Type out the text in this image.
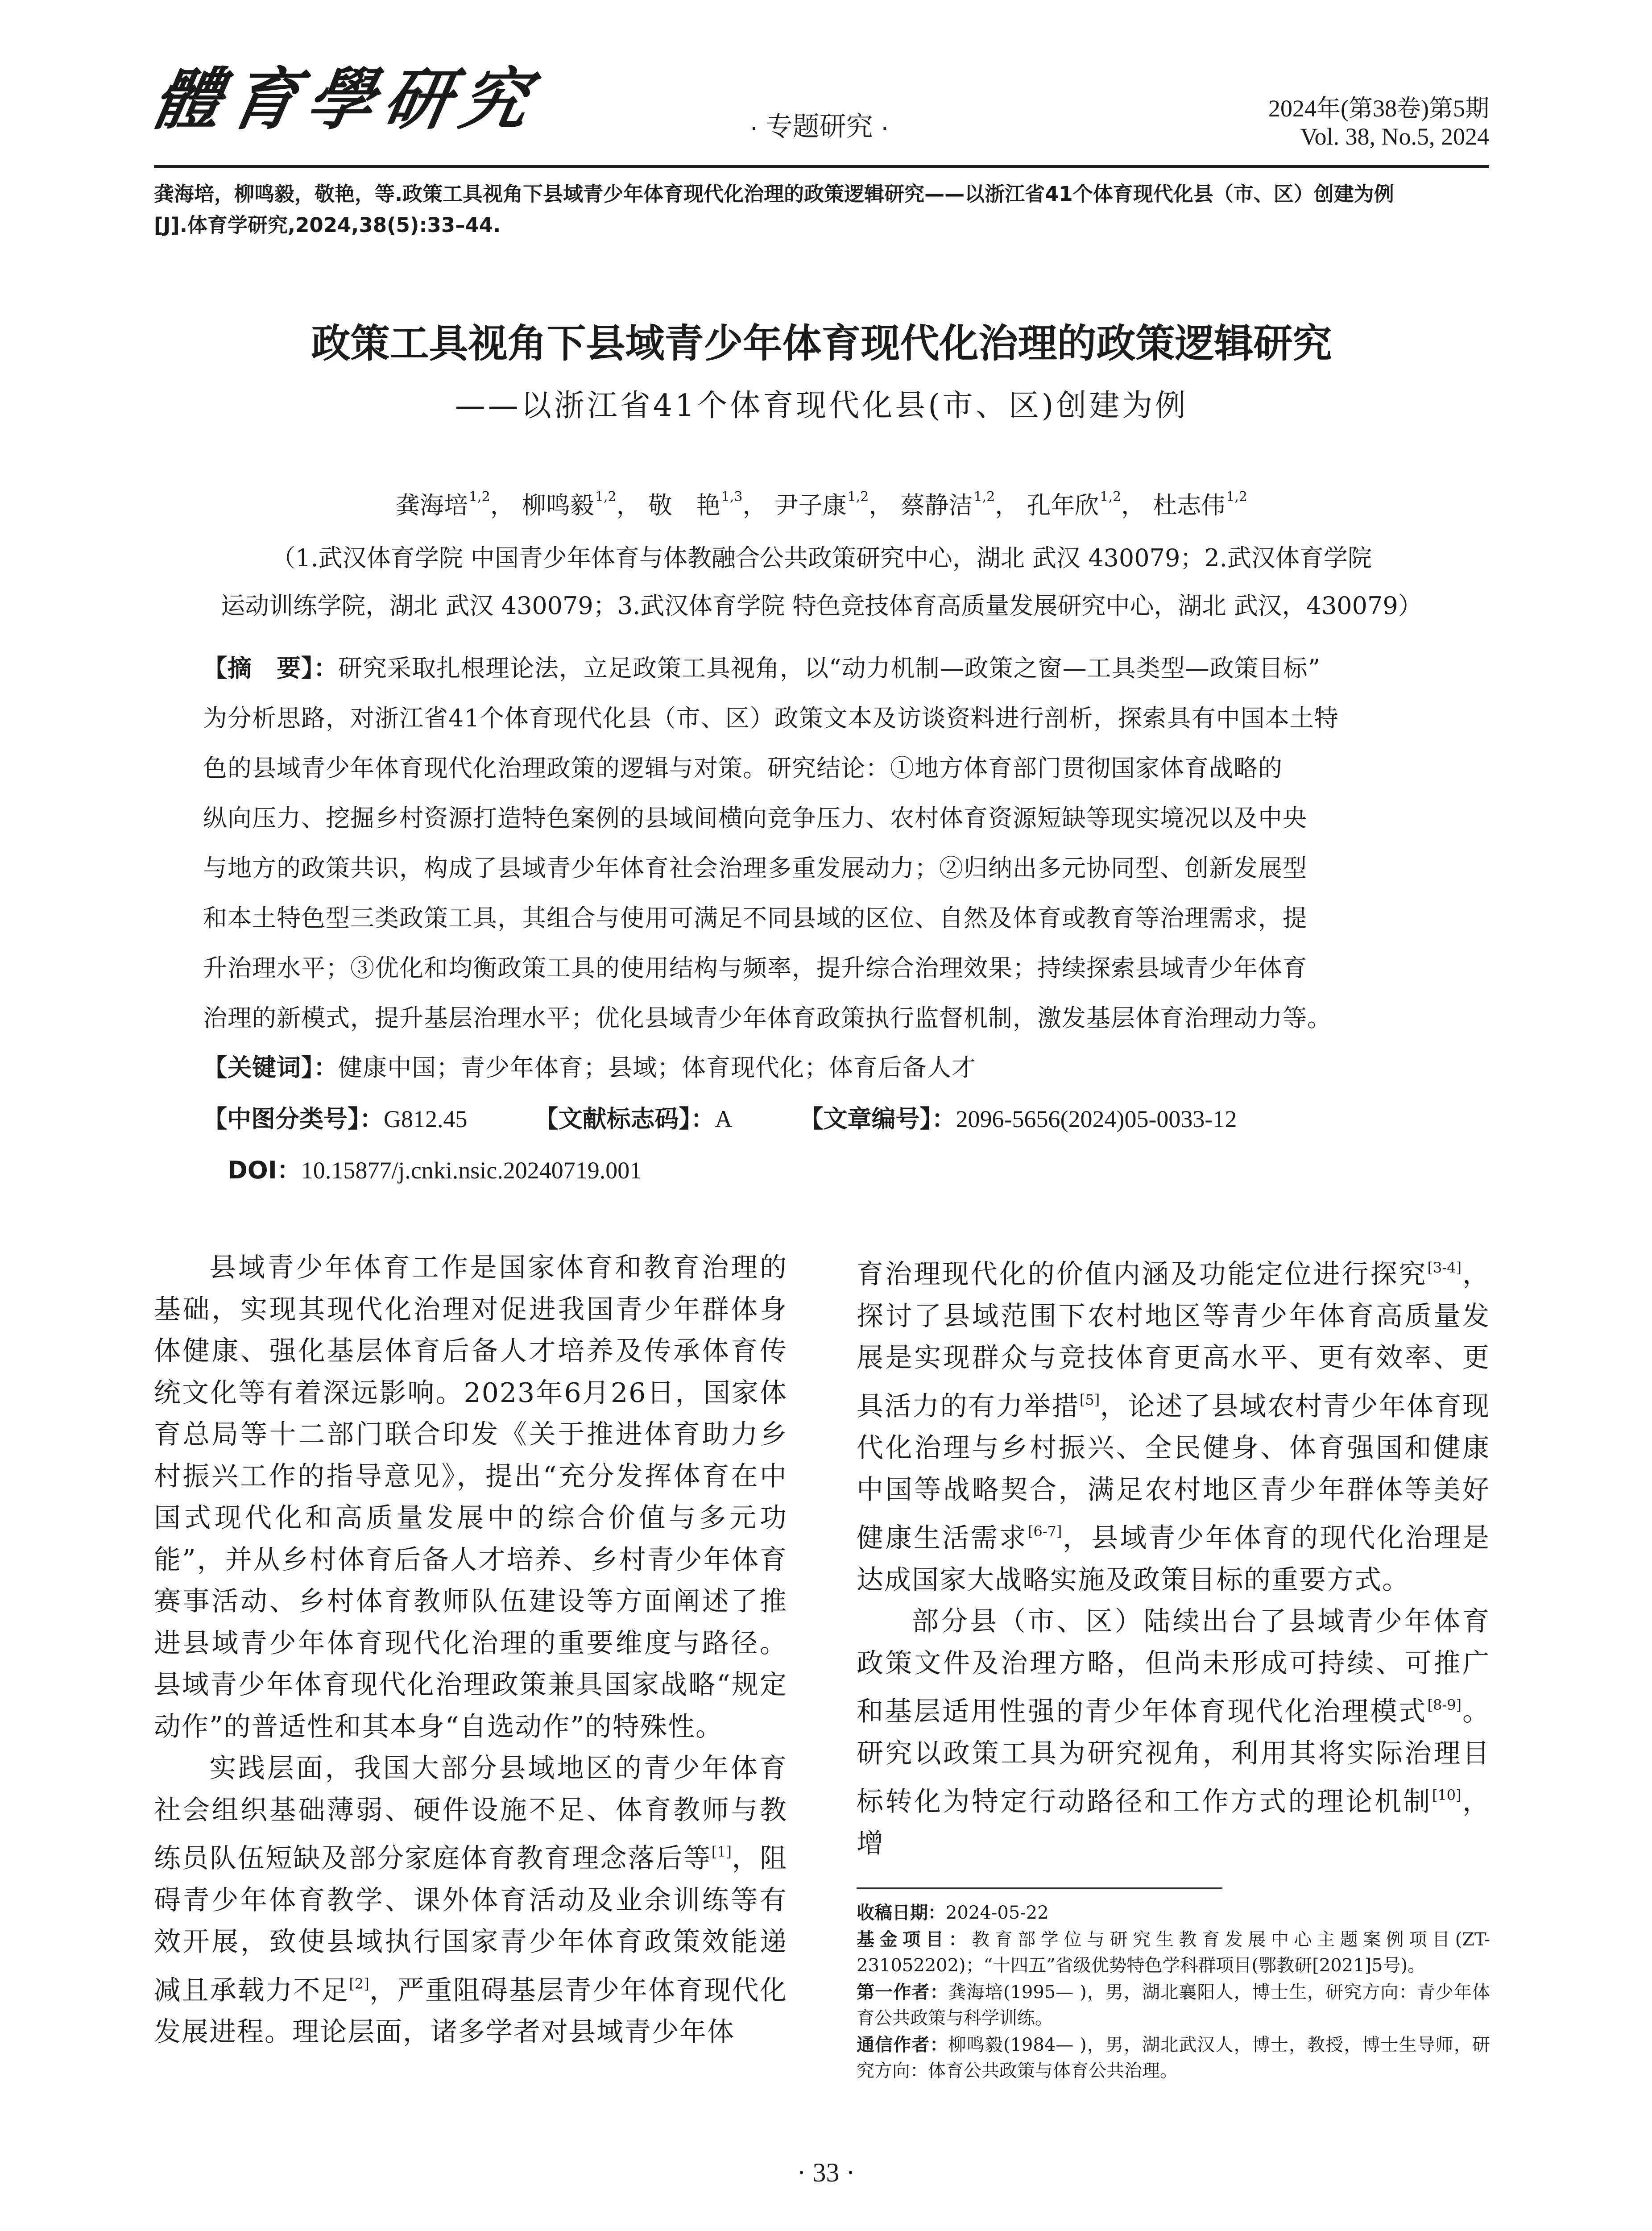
體育學研究	· 专题研究 ·
2024年(第38卷)第5期
Vol. 38, No.5, 2024
龚海培，柳鸣毅，敬艳，等.政策工具视角下县域青少年体育现代化治理的政策逻辑研究——以浙江省41个体育现代化县（市、区）创建为例
[J].体育学研究,2024,38(5):33–44.
政策工具视角下县域青少年体育现代化治理的政策逻辑研究
——以浙江省41个体育现代化县(市、区)创建为例
龚海培$^{1,2}$， 柳鸣毅$^{1,2}$， 敬　艳$^{1,3}$， 尹子康$^{1,2}$， 蔡静洁$^{1,2}$， 孔年欣$^{1,2}$， 杜志伟$^{1,2}$
（1.武汉体育学院 中国青少年体育与体教融合公共政策研究中心，湖北 武汉 430079；2.武汉体育学院
运动训练学院，湖北 武汉 430079；3.武汉体育学院 特色竞技体育高质量发展研究中心，湖北 武汉，430079）
【摘　要】：研究采取扎根理论法，立足政策工具视角，以“动力机制—政策之窗—工具类型—政策目标”
为分析思路，对浙江省41个体育现代化县（市、区）政策文本及访谈资料进行剖析，探索具有中国本土特
色的县域青少年体育现代化治理政策的逻辑与对策。研究结论：①地方体育部门贯彻国家体育战略的
纵向压力、挖掘乡村资源打造特色案例的县域间横向竞争压力、农村体育资源短缺等现实境况以及中央
与地方的政策共识，构成了县域青少年体育社会治理多重发展动力；②归纳出多元协同型、创新发展型
和本土特色型三类政策工具，其组合与使用可满足不同县域的区位、自然及体育或教育等治理需求，提
升治理水平；③优化和均衡政策工具的使用结构与频率，提升综合治理效果；持续探索县域青少年体育
治理的新模式，提升基层治理水平；优化县域青少年体育政策执行监督机制，激发基层体育治理动力等。
【关键词】：健康中国；青少年体育；县域；体育现代化；体育后备人才
【中图分类号】：G812.45	【文献标志码】：A	【文章编号】：2096-5656(2024)05-0033-12
DOI：10.15877/j.cnki.nsic.20240719.001

县域青少年体育工作是国家体育和教育治理的基础，实现其现代化治理对促进我国青少年群体身体健康、强化基层体育后备人才培养及传承体育传统文化等有着深远影响。2023年6月26日，国家体育总局等十二部门联合印发《关于推进体育助力乡村振兴工作的指导意见》，提出“充分发挥体育在中国式现代化和高质量发展中的综合价值与多元功能”，并从乡村体育后备人才培养、乡村青少年体育赛事活动、乡村体育教师队伍建设等方面阐述了推进县域青少年体育现代化治理的重要维度与路径。县域青少年体育现代化治理政策兼具国家战略“规定动作”的普适性和其本身“自选动作”的特殊性。

实践层面，我国大部分县域地区的青少年体育社会组织基础薄弱、硬件设施不足、体育教师与教练员队伍短缺及部分家庭体育教育理念落后等[1]，阻碍青少年体育教学、课外体育活动及业余训练等有效开展，致使县域执行国家青少年体育政策效能递减且承载力不足[2]，严重阻碍基层青少年体育现代化发展进程。理论层面，诸多学者对县域青少年体

育治理现代化的价值内涵及功能定位进行探究[3-4]，探讨了县域范围下农村地区等青少年体育高质量发展是实现群众与竞技体育更高水平、更有效率、更具活力的有力举措[5]，论述了县域农村青少年体育现代化治理与乡村振兴、全民健身、体育强国和健康中国等战略契合，满足农村地区青少年群体等美好健康生活需求[6-7]，县域青少年体育的现代化治理是达成国家大战略实施及政策目标的重要方式。

部分县（市、区）陆续出台了县域青少年体育政策文件及治理方略，但尚未形成可持续、可推广和基层适用性强的青少年体育现代化治理模式[8-9]。研究以政策工具为研究视角，利用其将实际治理目标转化为特定行动路径和工作方式的理论机制[10]，增

收稿日期：2024-05-22

基金项目：教育部学位与研究生教育发展中心主题案例项目(ZT-231052202)；“十四五”省级优势特色学科群项目(鄂教研[2021]5号)。

第一作者：龚海培(1995— )，男，湖北襄阳人，博士生，研究方向：青少年体育公共政策与科学训练。

通信作者：柳鸣毅(1984— )，男，湖北武汉人，博士，教授，博士生导师，研究方向：体育公共政策与体育公共治理。

· 33 ·
